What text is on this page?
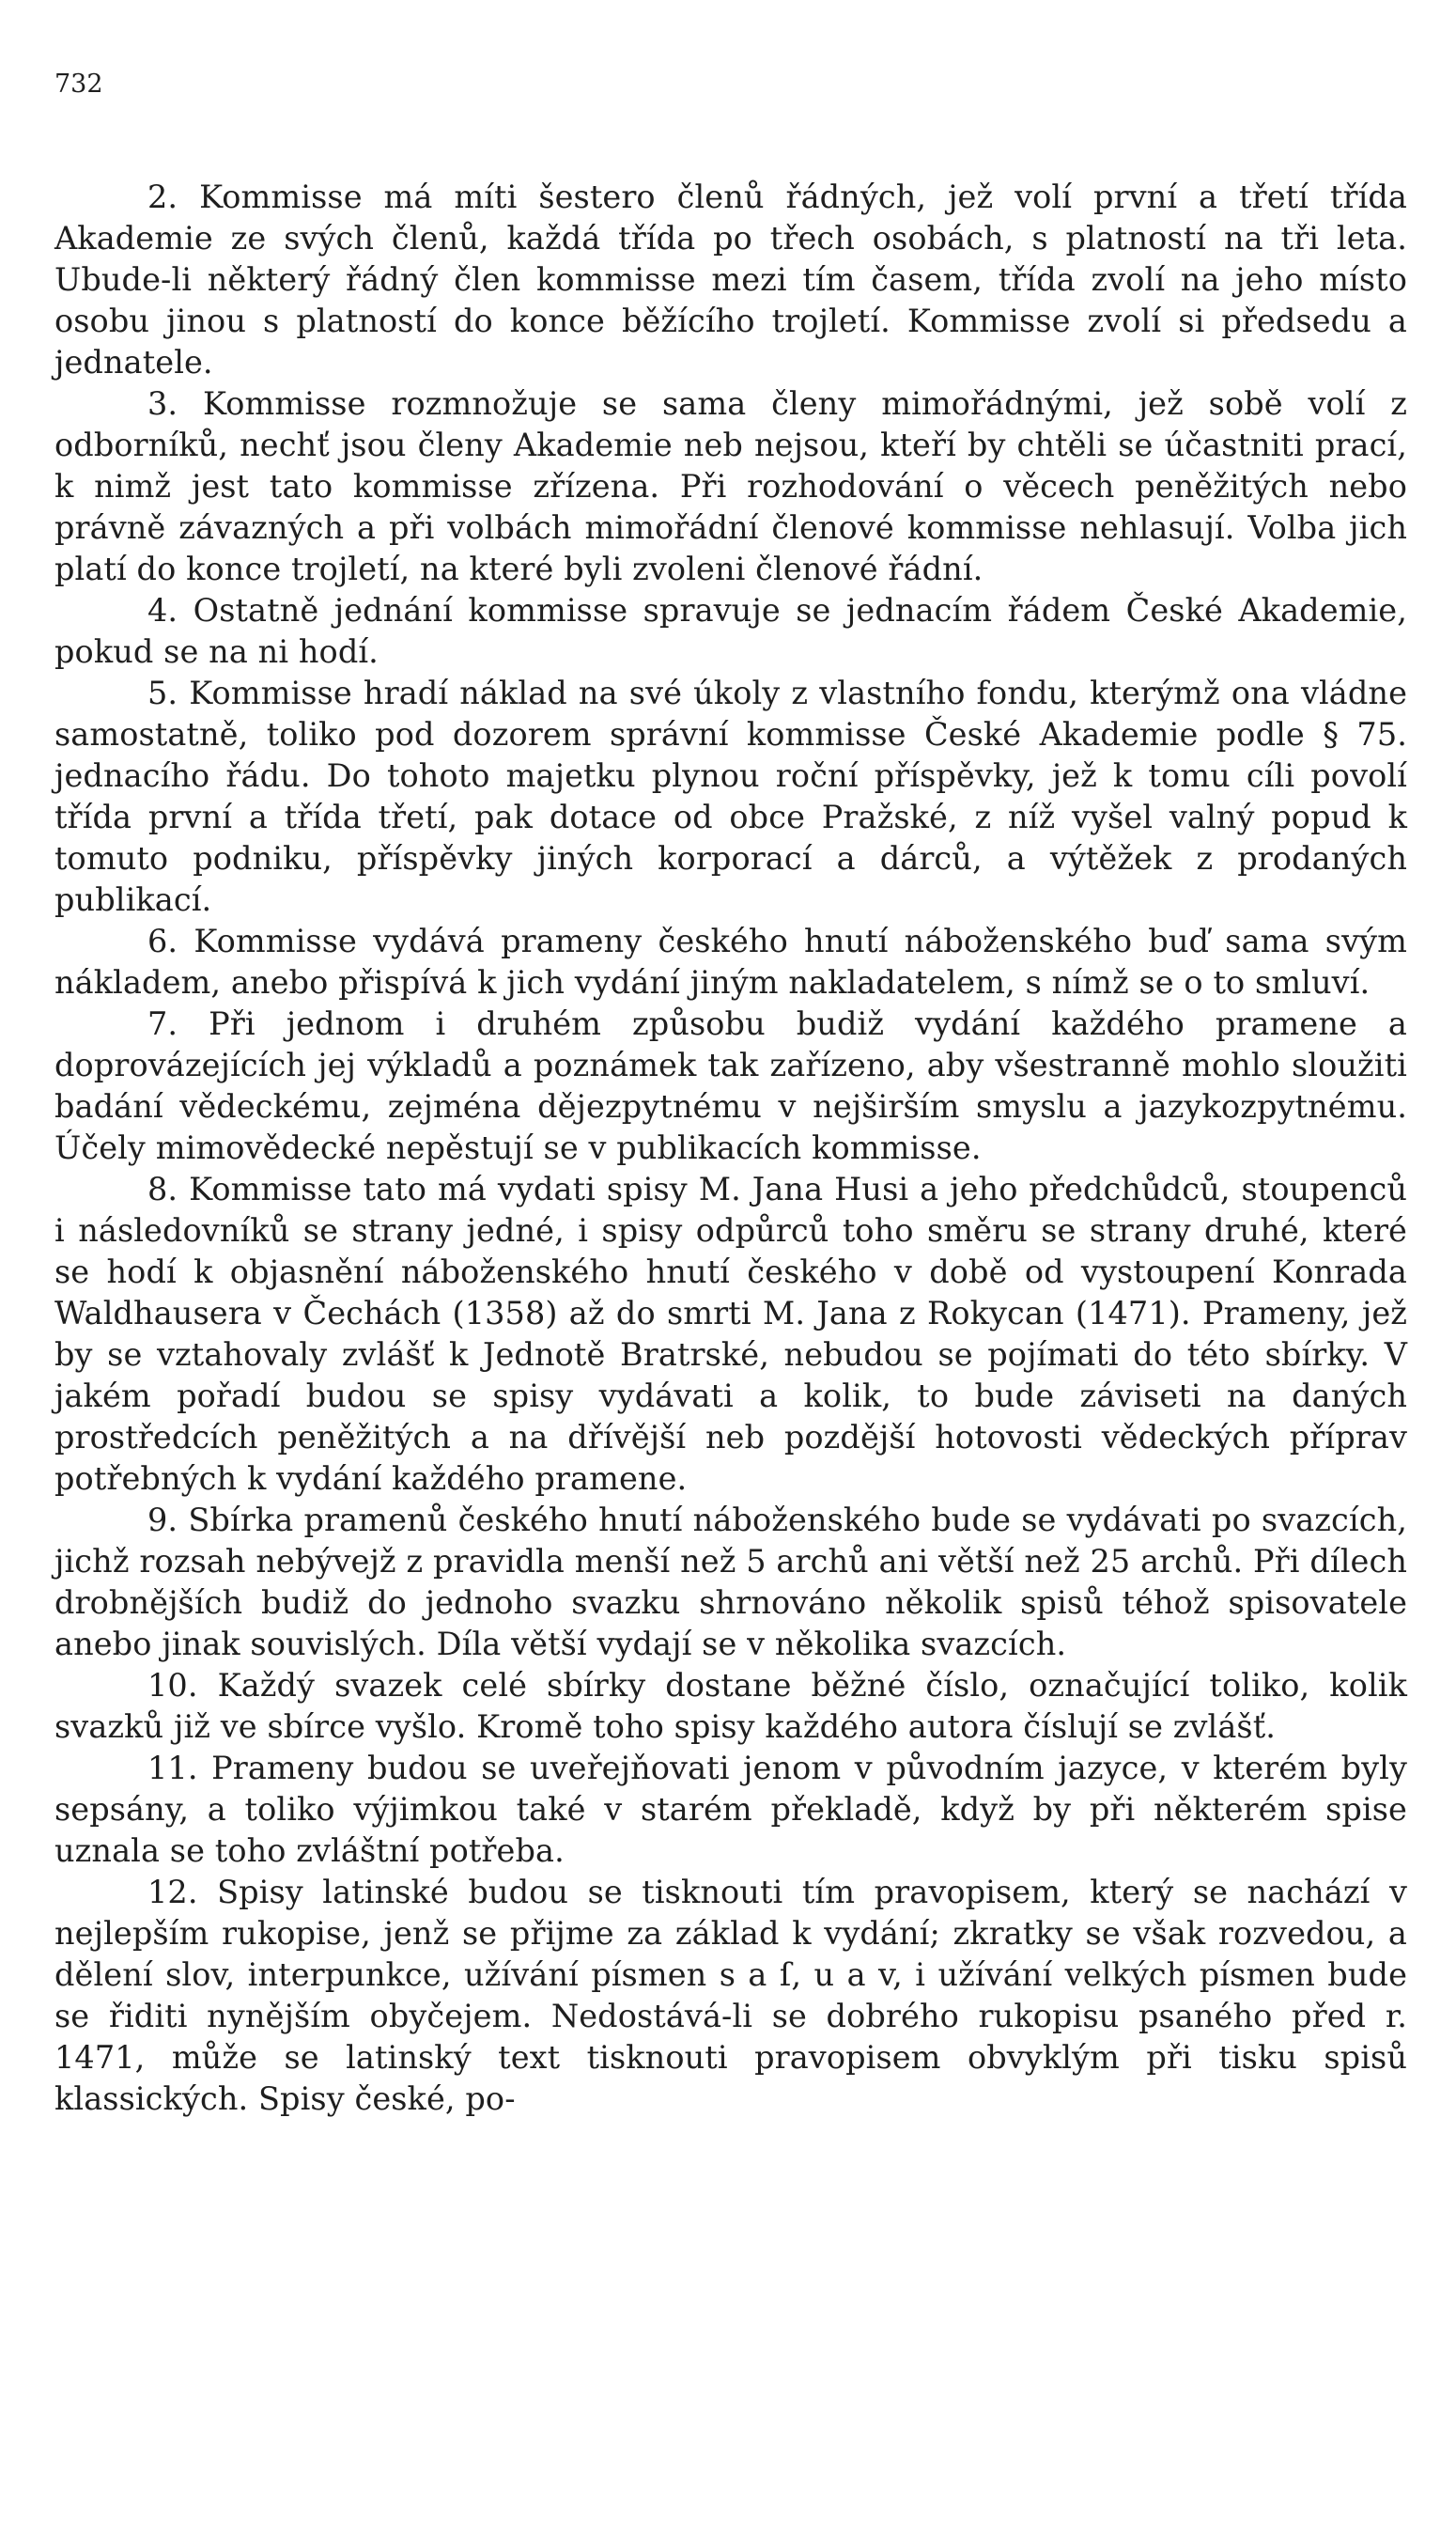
732

2. Kommisse má míti šestero členů řádných, jež volí první a třetí třída Akademie ze svých členů, každá třída po třech osobách, s platností na tři leta. Ubude-li některý řádný člen kommisse mezi tím časem, třída zvolí na jeho místo osobu jinou s platností do konce běžícího trojletí. Kommisse zvolí si předsedu a jednatele.

3. Kommisse rozmnožuje se sama členy mimořádnými, jež sobě volí z odborníků, nechť jsou členy Akademie neb nejsou, kteří by chtěli se účastniti prací, k nimž jest tato kommisse zřízena. Při rozhodování o věcech peněžitých nebo právně závazných a při volbách mimořádní členové kommisse nehlasují. Volba jich platí do konce trojletí, na které byli zvoleni členové řádní.

4. Ostatně jednání kommisse spravuje se jednacím řádem České Akademie, pokud se na ni hodí.

5. Kommisse hradí náklad na své úkoly z vlastního fondu, kterýmž ona vládne samostatně, toliko pod dozorem správní kommisse České Akademie podle § 75. jednacího řádu. Do tohoto majetku plynou roční příspěvky, jež k tomu cíli povolí třída první a třída třetí, pak dotace od obce Pražské, z níž vyšel valný popud k tomuto podniku, příspěvky jiných korporací a dárců, a výtěžek z prodaných publikací.

6. Kommisse vydává prameny českého hnutí náboženského buď sama svým nákladem, anebo přispívá k jich vydání jiným nakladatelem, s nímž se o to smluví.

7. Při jednom i druhém způsobu budiž vydání každého pramene a doprovázejících jej výkladů a poznámek tak zařízeno, aby všestranně mohlo sloužiti badání vědeckému, zejména dějezpytnému v nejširším smyslu a jazykozpytnému. Účely mimovědecké nepěstují se v publikacích kommisse.

8. Kommisse tato má vydati spisy M. Jana Husi a jeho předchůdců, stoupenců i následovníků se strany jedné, i spisy odpůrců toho směru se strany druhé, které se hodí k objasnění náboženského hnutí českého v době od vystoupení Konrada Waldhausera v Čechách (1358) až do smrti M. Jana z Rokycan (1471). Prameny, jež by se vztahovaly zvlášť k Jednotě Bratrské, nebudou se pojímati do této sbírky. V jakém pořadí budou se spisy vydávati a kolik, to bude záviseti na daných prostředcích peněžitých a na dřívější neb pozdější hotovosti vědeckých příprav potřebných k vydání každého pramene.

9. Sbírka pramenů českého hnutí náboženského bude se vydávati po svazcích, jichž rozsah nebývejž z pravidla menší než 5 archů ani větší než 25 archů. Při dílech drobnějších budiž do jednoho svazku shrnováno několik spisů téhož spisovatele anebo jinak souvislých. Díla větší vydají se v několika svazcích.

10. Každý svazek celé sbírky dostane běžné číslo, označující toliko, kolik svazků již ve sbírce vyšlo. Kromě toho spisy každého autora číslují se zvlášť.

11. Prameny budou se uveřejňovati jenom v původním jazyce, v kterém byly sepsány, a toliko výjimkou také v starém překladě, když by při některém spise uznala se toho zvláštní potřeba.

12. Spisy latinské budou se tisknouti tím pravopisem, který se nachází v nejlepším rukopise, jenž se přijme za základ k vydání; zkratky se však rozvedou, a dělení slov, interpunkce, užívání písmen s a ſ, u a v, i užívání velkých písmen bude se řiditi nynějším obyčejem. Nedostává-li se dobrého rukopisu psaného před r. 1471, může se latinský text tisknouti pravopisem obvyklým při tisku spisů klassických. Spisy české, po-
